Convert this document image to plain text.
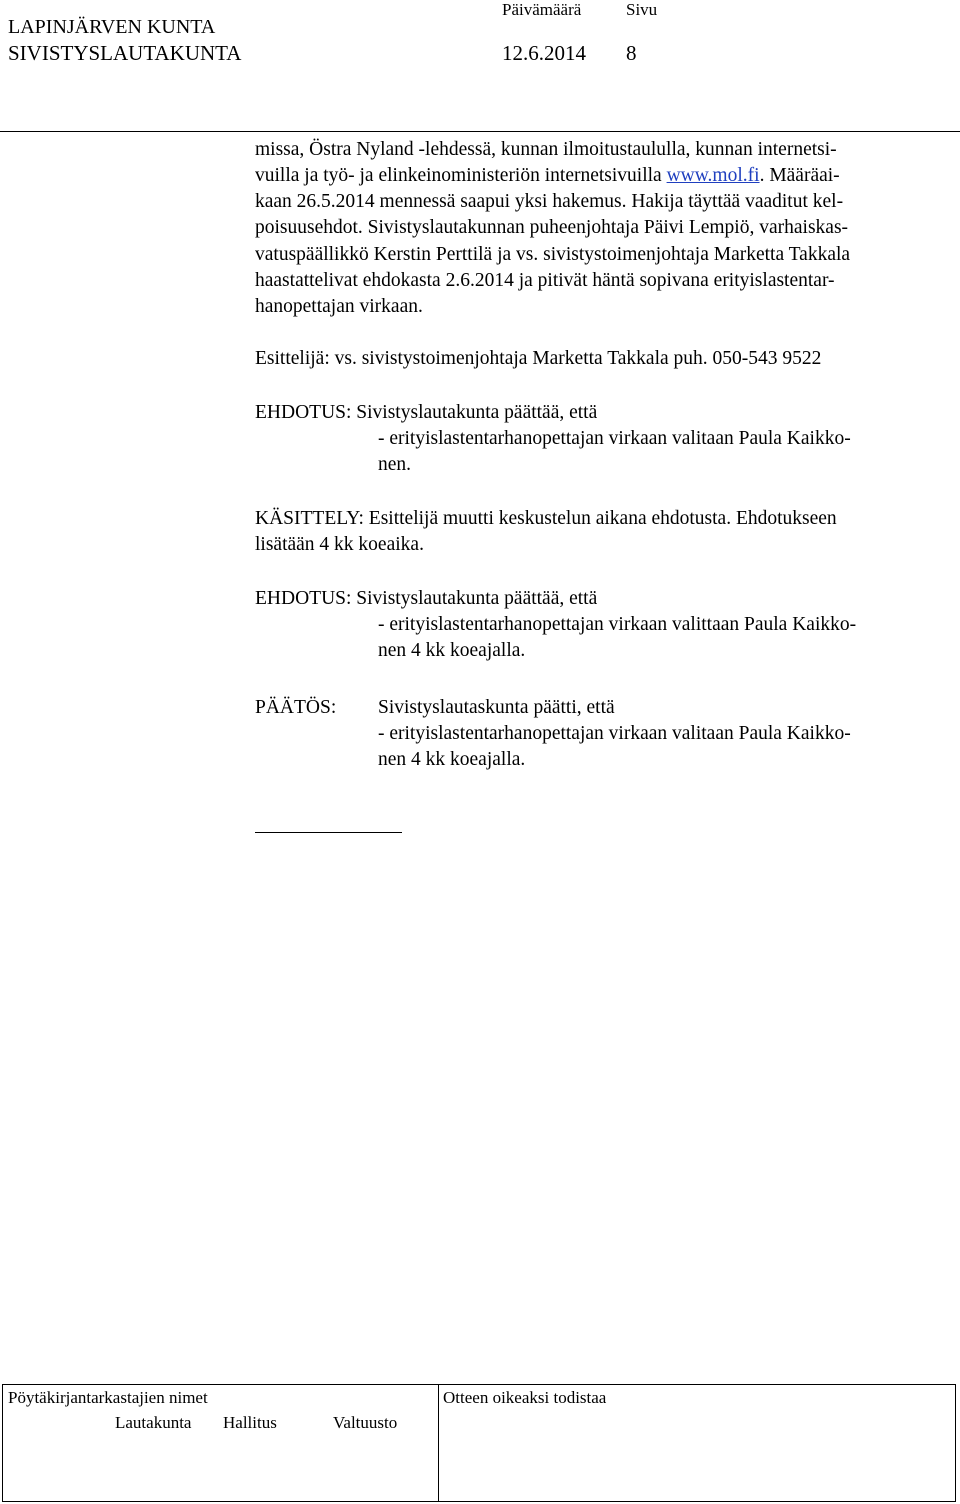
LAPINJÄRVEN KUNTA
SIVISTYSLAUTAKUNTA
Päivämäärä	Sivu
12.6.2014 8
missa, Östra Nyland -lehdessä, kunnan ilmoitustaululla, kunnan internetsi-
vuilla ja työ- ja elinkeinoministeriön internetsivuilla www.mol.fi. Määräai-
kaan 26.5.2014 mennessä saapui yksi hakemus. Hakija täyttää vaaditut kel-
poisuusehdot. Sivistyslautakunnan puheenjohtaja Päivi Lempiö, varhaiskas-
vatuspäällikkö Kerstin Perttilä ja vs. sivistystoimenjohtaja Marketta Takkala
haastattelivat ehdokasta 2.6.2014 ja pitivät häntä sopivana erityislastentar-
hanopettajan virkaan.
Esittelijä: vs. sivistystoimenjohtaja Marketta Takkala puh. 050-543 9522
EHDOTUS: Sivistyslautakunta päättää, että
- erityislastentarhanopettajan virkaan valitaan Paula Kaikko-
nen.
KÄSITTELY: Esittelijä muutti keskustelun aikana ehdotusta. Ehdotukseen
lisätään 4 kk koeaika.
EHDOTUS: Sivistyslautakunta päättää, että
- erityislastentarhanopettajan virkaan valittaan Paula Kaikko-
nen 4 kk koeajalla.
PÄÄTÖS: Sivistyslautaskunta päätti, että
- erityislastentarhanopettajan virkaan valitaan Paula Kaikko-
nen 4 kk koeajalla.
Pöytäkirjantarkastajien nimet	Otteen oikeaksi todistaa
Lautakunta Hallitus	Valtuusto
